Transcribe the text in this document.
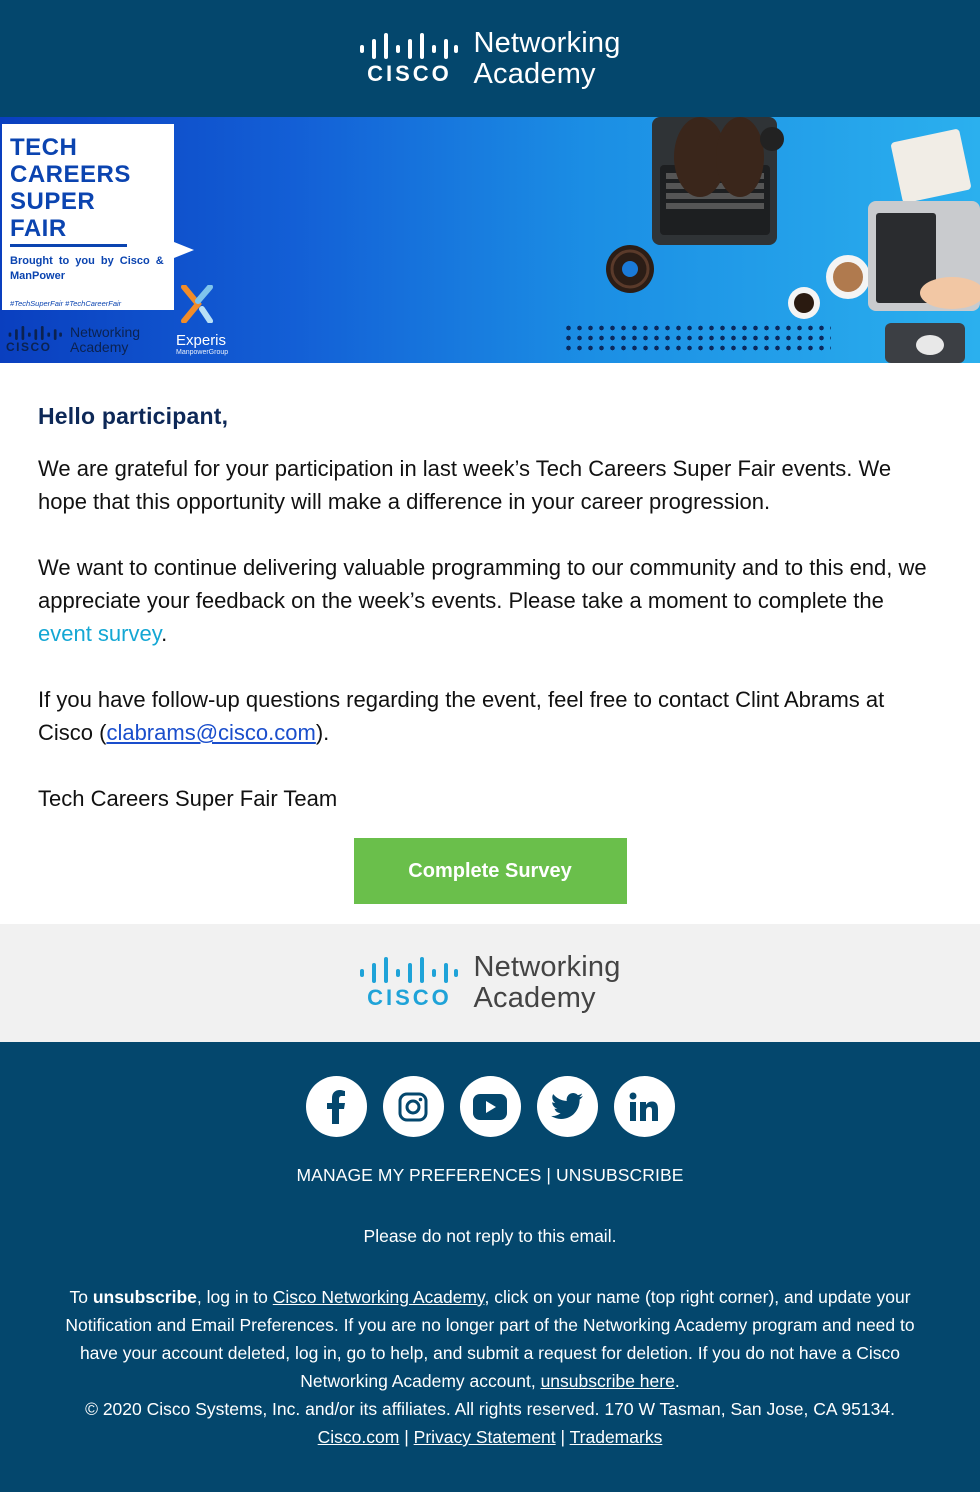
CISCO
Networking
Academy
TECH
CAREERS
SUPER
FAIR
Brought to you by Cisco & ManPower
#TechSuperFair #TechCareerFair
CISCO
Networking
Academy	Experis
ManpowerGroup
Hello participant,

We are grateful for your participation in last week’s Tech Careers Super Fair events. We hope that this opportunity will make a difference in your career progression.

We want to continue delivering valuable programming to our community and to this end, we appreciate your feedback on the week’s events. Please take a moment to complete the event survey.

If you have follow-up questions regarding the event, feel free to contact Clint Abrams at Cisco (clabrams@cisco.com).

Tech Careers Super Fair Team

Complete Survey
CISCO
Networking
Academy
MANAGE MY PREFERENCES | UNSUBSCRIBE
Please do not reply to this email.
To unsubscribe, log in to Cisco Networking Academy, click on your name (top right corner), and update your Notification and Email Preferences. If you are no longer part of the Networking Academy program and need to have your account deleted, log in, go to help, and submit a request for deletion. If you do not have a Cisco Networking Academy account, unsubscribe here.
© 2020 Cisco Systems, Inc. and/or its affiliates. All rights reserved. 170 W Tasman, San Jose, CA 95134.
Cisco.com | Privacy Statement | Trademarks
